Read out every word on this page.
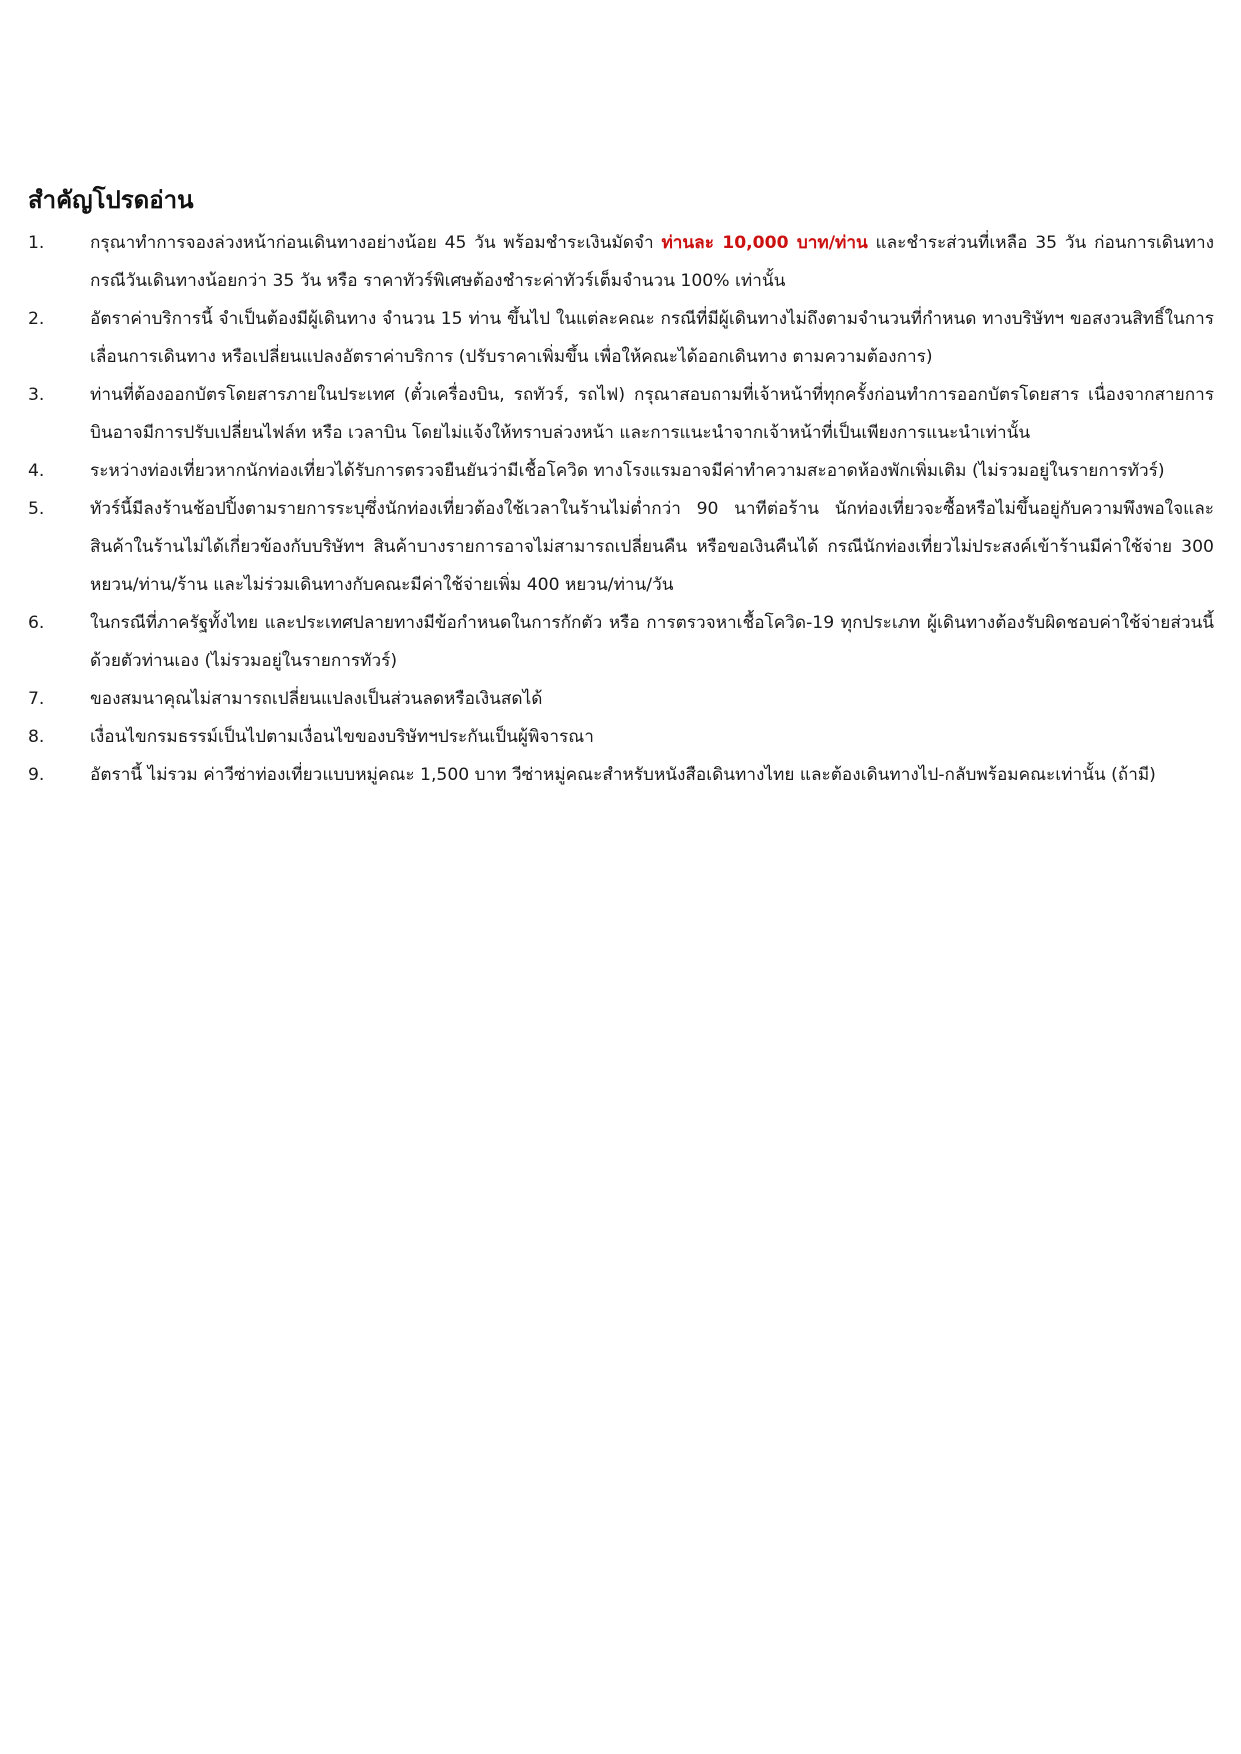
สำคัญโปรดอ่าน
1.	กรุณาทำการจองล่วงหน้าก่อนเดินทางอย่างน้อย 45 วัน พร้อมชำระเงินมัดจำ ท่านละ 10,000 บาท/ท่าน และชำระส่วนที่เหลือ 35 วัน ก่อนการเดินทาง กรณีวันเดินทางน้อยกว่า 35 วัน หรือ ราคาทัวร์พิเศษต้องชำระค่าทัวร์เต็มจำนวน 100% เท่านั้น
2.	อัตราค่าบริการนี้ จำเป็นต้องมีผู้เดินทาง จำนวน 15 ท่าน ขึ้นไป ในแต่ละคณะ กรณีที่มีผู้เดินทางไม่ถึงตามจำนวนที่กำหนด ทางบริษัทฯ ขอสงวนสิทธิ์ในการเลื่อนการเดินทาง หรือเปลี่ยนแปลงอัตราค่าบริการ (ปรับราคาเพิ่มขึ้น เพื่อให้คณะได้ออกเดินทาง ตามความต้องการ)
3.	ท่านที่ต้องออกบัตรโดยสารภายในประเทศ (ตั๋วเครื่องบิน, รถทัวร์, รถไฟ) กรุณาสอบถามที่เจ้าหน้าที่ทุกครั้งก่อนทำการออกบัตรโดยสาร เนื่องจากสายการบินอาจมีการปรับเปลี่ยนไฟล์ท หรือ เวลาบิน โดยไม่แจ้งให้ทราบล่วงหน้า และการแนะนำจากเจ้าหน้าที่เป็นเพียงการแนะนำเท่านั้น
4.	ระหว่างท่องเที่ยวหากนักท่องเที่ยวได้รับการตรวจยืนยันว่ามีเชื้อโควิด ทางโรงแรมอาจมีค่าทำความสะอาดห้องพักเพิ่มเติม (ไม่รวมอยู่ในรายการทัวร์)
5.	ทัวร์นี้มีลงร้านช้อปปิ้งตามรายการระบุซึ่งนักท่องเที่ยวต้องใช้เวลาในร้านไม่ต่ำกว่า 90 นาทีต่อร้าน นักท่องเที่ยวจะซื้อหรือไม่ขึ้นอยู่กับความพึงพอใจและสินค้าในร้านไม่ได้เกี่ยวข้องกับบริษัทฯ สินค้าบางรายการอาจไม่สามารถเปลี่ยนคืน หรือขอเงินคืนได้ กรณีนักท่องเที่ยวไม่ประสงค์เข้าร้านมีค่าใช้จ่าย 300 หยวน/ท่าน/ร้าน และไม่ร่วมเดินทางกับคณะมีค่าใช้จ่ายเพิ่ม 400 หยวน/ท่าน/วัน
6.	ในกรณีที่ภาครัฐทั้งไทย และประเทศปลายทางมีข้อกำหนดในการกักตัว หรือ การตรวจหาเชื้อโควิด-19 ทุกประเภท ผู้เดินทางต้องรับผิดชอบค่าใช้จ่ายส่วนนี้ด้วยตัวท่านเอง (ไม่รวมอยู่ในรายการทัวร์)
7.	ของสมนาคุณไม่สามารถเปลี่ยนแปลงเป็นส่วนลดหรือเงินสดได้
8.	เงื่อนไขกรมธรรม์เป็นไปตามเงื่อนไขของบริษัทฯประกันเป็นผู้พิจารณา
9.	อัตรานี้ ไม่รวม ค่าวีซ่าท่องเที่ยวแบบหมู่คณะ 1,500 บาท วีซ่าหมู่คณะสำหรับหนังสือเดินทางไทย และต้องเดินทางไป-กลับพร้อมคณะเท่านั้น (ถ้ามี)
